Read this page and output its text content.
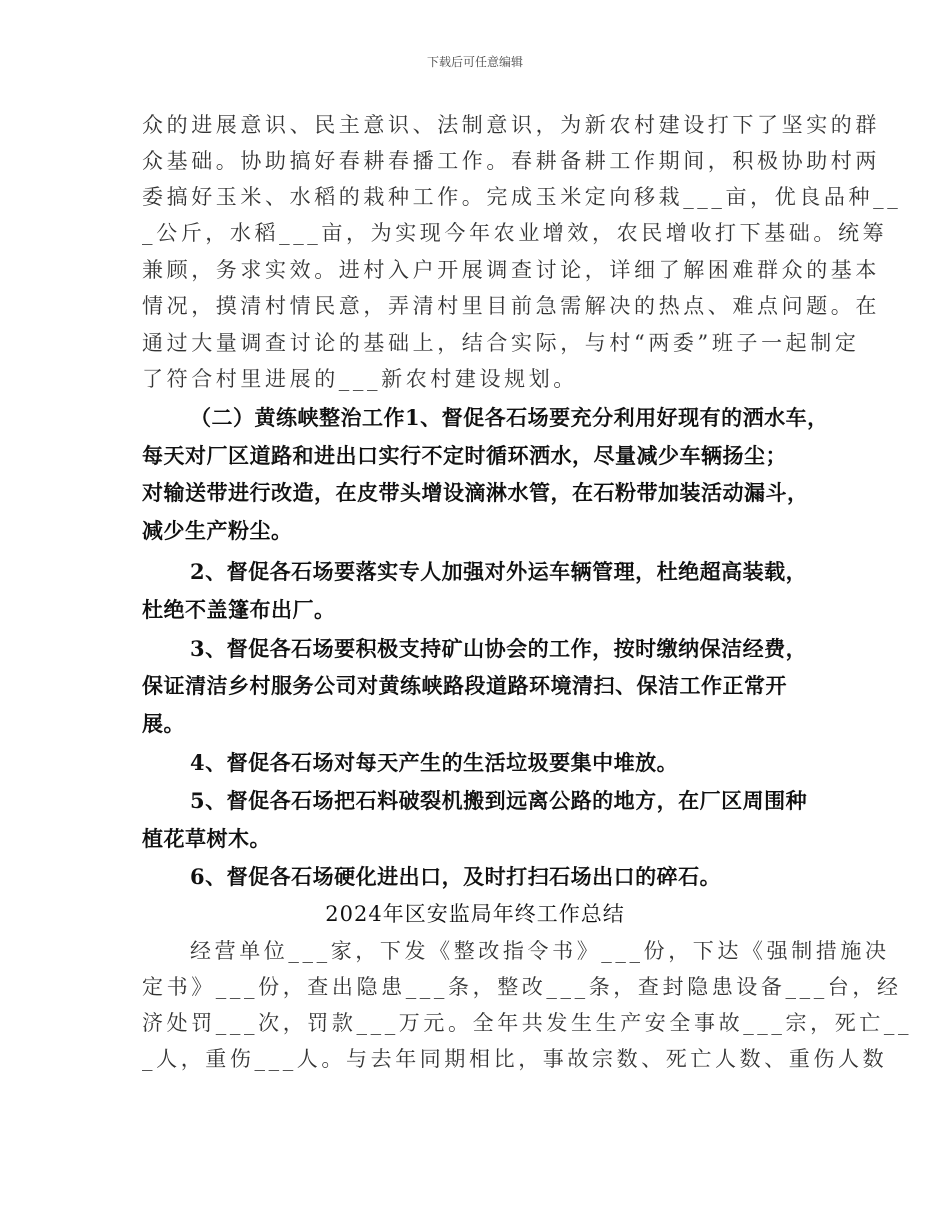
下载后可任意编辑
众的进展意识、民主意识、法制意识，为新农村建设打下了坚实的群
众基础。协助搞好春耕春播工作。春耕备耕工作期间，积极协助村两
委搞好玉米、水稻的栽种工作。完成玉米定向移栽___亩，优良品种__
_公斤，水稻___亩，为实现今年农业增效，农民增收打下基础。统筹
兼顾，务求实效。进村入户开展调查讨论，详细了解困难群众的基本
情况，摸清村情民意，弄清村里目前急需解决的热点、难点问题。在
通过大量调查讨论的基础上，结合实际，与村“两委”班子一起制定
了符合村里进展的___新农村建设规划。
（二）黄练峡整治工作1、督促各石场要充分利用好现有的洒水车，
每天对厂区道路和进出口实行不定时循环洒水，尽量减少车辆扬尘；
对输送带进行改造，在皮带头增设滴淋水管，在石粉带加装活动漏斗，
减少生产粉尘。
2、督促各石场要落实专人加强对外运车辆管理，杜绝超高装载，
杜绝不盖篷布出厂。
3、督促各石场要积极支持矿山协会的工作，按时缴纳保洁经费，
保证清洁乡村服务公司对黄练峡路段道路环境清扫、保洁工作正常开
展。
4、督促各石场对每天产生的生活垃圾要集中堆放。
5、督促各石场把石料破裂机搬到远离公路的地方，在厂区周围种
植花草树木。
6、督促各石场硬化进出口，及时打扫石场出口的碎石。
2024年区安监局年终工作总结
经营单位___家，下发《整改指令书》___份，下达《强制措施决
定书》___份，查出隐患___条，整改___条，查封隐患设备___台，经
济处罚___次，罚款___万元。全年共发生生产安全事故___宗，死亡__
_人，重伤___人。与去年同期相比，事故宗数、死亡人数、重伤人数
